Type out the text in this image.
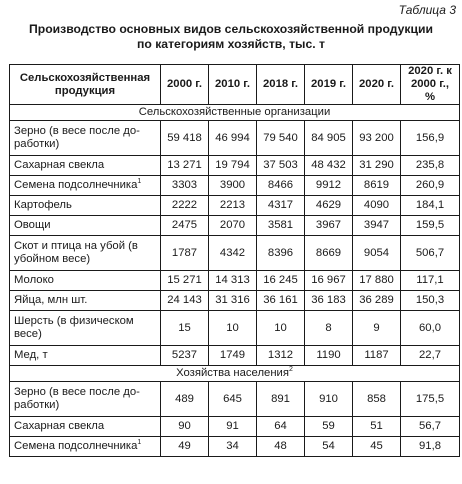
Таблица 3
Производство основных видов сельскохозяйственной продукции
по категориям хозяйств, тыс. т
Сельскохозяйственная продукция	2000 г.	2010 г.	2018 г.	2019 г.	2020 г.	2020 г. к 2000 г., %
Сельскохозяйственные организации						
Зерно (в весе после до-работки)	59 418	46 994	79 540	84 905	93 200	156,9
Сахарная свекла	13 271	19 794	37 503	48 432	31 290	235,8
Семена подсолнечника$^1$	3303	3900	8466	9912	8619	260,9
Картофель	2222	2213	4317	4629	4090	184,1
Овощи	2475	2070	3581	3967	3947	159,5
Скот и птица на убой (в убойном весе)	1787	4342	8396	8669	9054	506,7
Молоко	15 271	14 313	16 245	16 967	17 880	117,1
Яйца, млн шт.	24 143	31 316	36 161	36 183	36 289	150,3
Шерсть (в физическом весе)	15	10	10	8	9	60,0
Мед, т	5237	1749	1312	1190	1187	22,7
Хозяйства населения$^2$
Зерно (в весе после до-работки)	489	645	891	910	858	175,5
Сахарная свекла	90	91	64	59	51	56,7
Семена подсолнечника$^1$	49	34	48	54	45	91,8
